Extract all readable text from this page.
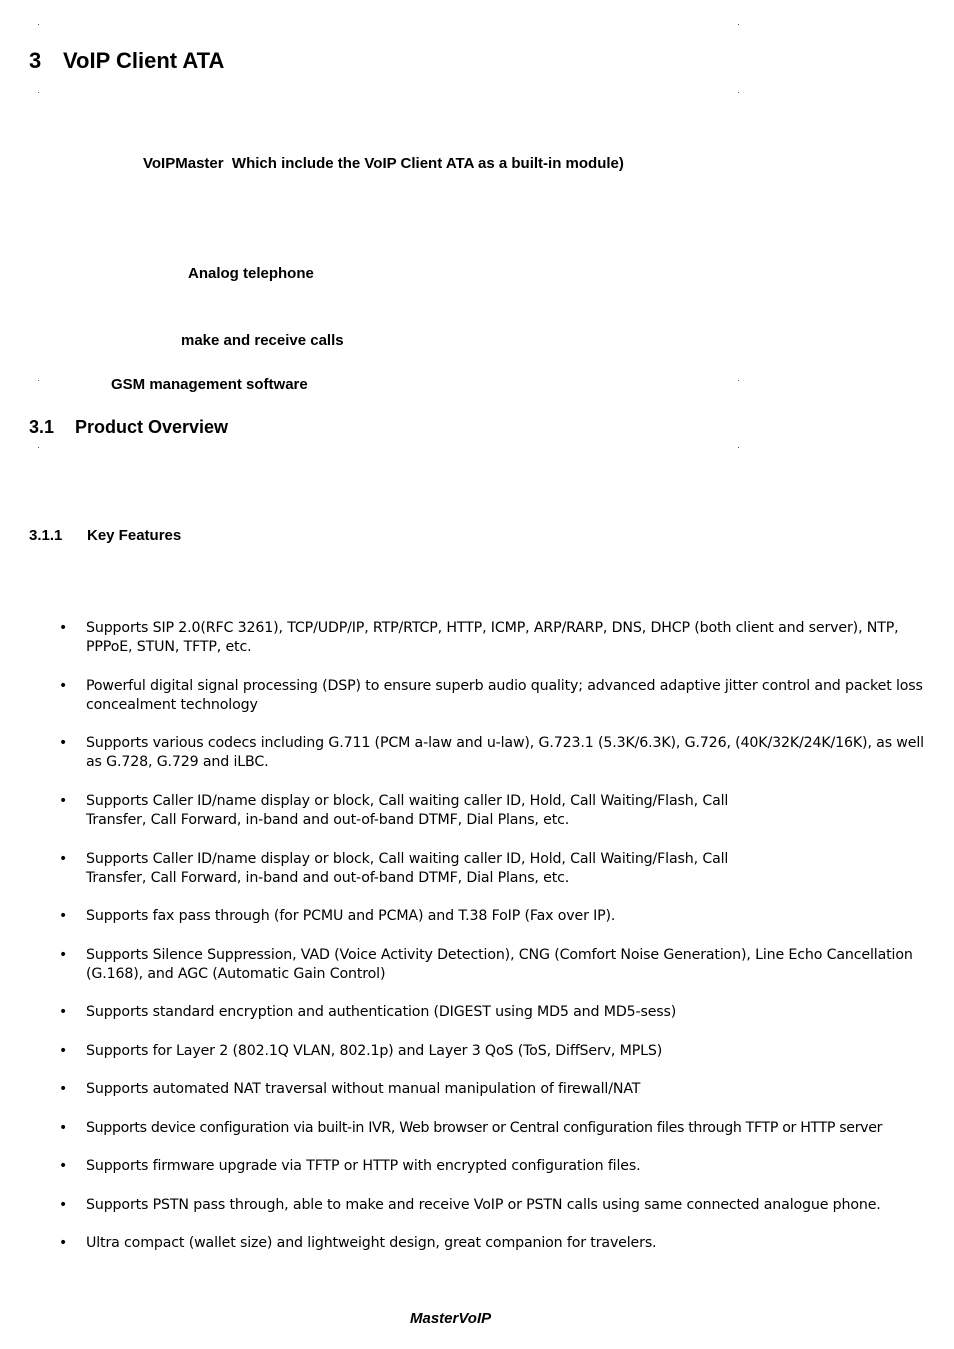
3 VoIP Client ATA
VoIPMaster  Which include the VoIP Client ATA as a built-in module)
Analog telephone
make and receive calls
GSM management software
3.1 Product Overview
3.1.1 Key Features
• Supports SIP 2.0(RFC 3261), TCP/UDP/IP, RTP/RTCP, HTTP, ICMP, ARP/RARP, DNS, DHCP (both client and server), NTP, PPPoE, STUN, TFTP, etc.
• Powerful digital signal processing (DSP) to ensure superb audio quality; advanced adaptive jitter control and packet loss concealment technology
• Supports various codecs including G.711 (PCM a-law and u-law), G.723.1 (5.3K/6.3K), G.726, (40K/32K/24K/16K), as well as G.728, G.729 and iLBC.
• Supports Caller ID/name display or block, Call waiting caller ID, Hold, Call Waiting/Flash, Call Transfer, Call Forward, in-band and out-of-band DTMF, Dial Plans, etc.
• Supports Caller ID/name display or block, Call waiting caller ID, Hold, Call Waiting/Flash, Call Transfer, Call Forward, in-band and out-of-band DTMF, Dial Plans, etc.
• Supports fax pass through (for PCMU and PCMA) and T.38 FoIP (Fax over IP).
• Supports Silence Suppression, VAD (Voice Activity Detection), CNG (Comfort Noise Generation), Line Echo Cancellation (G.168), and AGC (Automatic Gain Control)
• Supports standard encryption and authentication (DIGEST using MD5 and MD5-sess)
• Supports for Layer 2 (802.1Q VLAN, 802.1p) and Layer 3 QoS (ToS, DiffServ, MPLS)
• Supports automated NAT traversal without manual manipulation of firewall/NAT
• Supports device configuration via built-in IVR, Web browser or Central configuration files through TFTP or HTTP server
• Supports firmware upgrade via TFTP or HTTP with encrypted configuration files.
• Supports PSTN pass through, able to make and receive VoIP or PSTN calls using same connected analogue phone.
• Ultra compact (wallet size) and lightweight design, great companion for travelers.
MasterVoIP
